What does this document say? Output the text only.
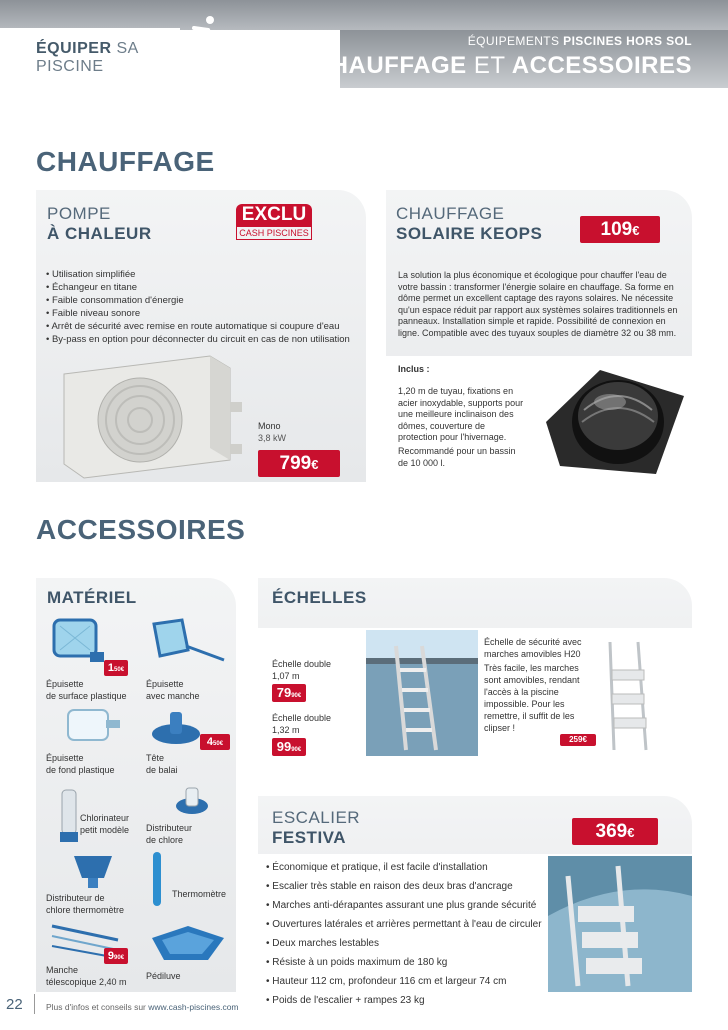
ÉQUIPER SA PISCINE
ÉQUIPEMENTS PISCINES HORS SOL
CHAUFFAGE ET ACCESSOIRES
CHAUFFAGE
POMPE
À CHALEUR
EXCLU
CASH PISCINES
• Utilisation simplifiée
• Échangeur en titane
• Faible consommation d'énergie
• Faible niveau sonore
• Arrêt de sécurité avec remise en route automatique si coupure d'eau
• By-pass en option pour déconnecter du circuit en cas de non utilisation
Mono
3,8 kW
799€
CHAUFFAGE
SOLAIRE KEOPS	109€
La solution la plus économique et écologique pour chauffer l'eau de votre bassin : transformer l'énergie solaire en chauffage. Sa forme en dôme permet un excellent captage des rayons solaires. Ne nécessite qu'un espace réduit par rapport aux systèmes solaires traditionnels en panneaux. Installation simple et rapide. Possibilité de connexion en ligne. Compatible avec des tuyaux souples de diamètre 32 ou 38 mm.
Inclus :
1,20 m de tuyau, fixations en acier inoxydable, supports pour une meilleure inclinaison des dômes, couverture de protection pour l'hivernage.
Recommandé pour un bassin de 10 000 l.
ACCESSOIRES
MATÉRIEL
150€
Épuisette
de surface plastique
Épuisette
avec manche
Épuisette
de fond plastique
450€
Tête
de balai
Chlorinateur
petit modèle Distributeur
de chlore
Distributeur de
chlore thermomètre
Thermomètre
990€
Manche
télescopique 2,40 m
Pédiluve
ÉCHELLES
Échelle double
1,07 m
7990€
Échelle double
1,32 m
9990€
Échelle de sécurité avec marches amovibles H20
Très facile, les marches sont amovibles, rendant l'accès à la piscine impossible. Pour les remettre, il suffit de les clipser !
259€
ESCALIER
FESTIVA	369€
• Économique et pratique, il est facile d'installation
• Escalier très stable en raison des deux bras d'ancrage
• Marches anti-dérapantes assurant une plus grande sécurité
• Ouvertures latérales et arrières permettant à l'eau de circuler
• Deux marches lestables
• Résiste à un poids maximum de 180 kg
• Hauteur 112 cm, profondeur 116 cm et largeur 74 cm
• Poids de l'escalier + rampes 23 kg
22	Plus d'infos et conseils sur www.cash-piscines.com
